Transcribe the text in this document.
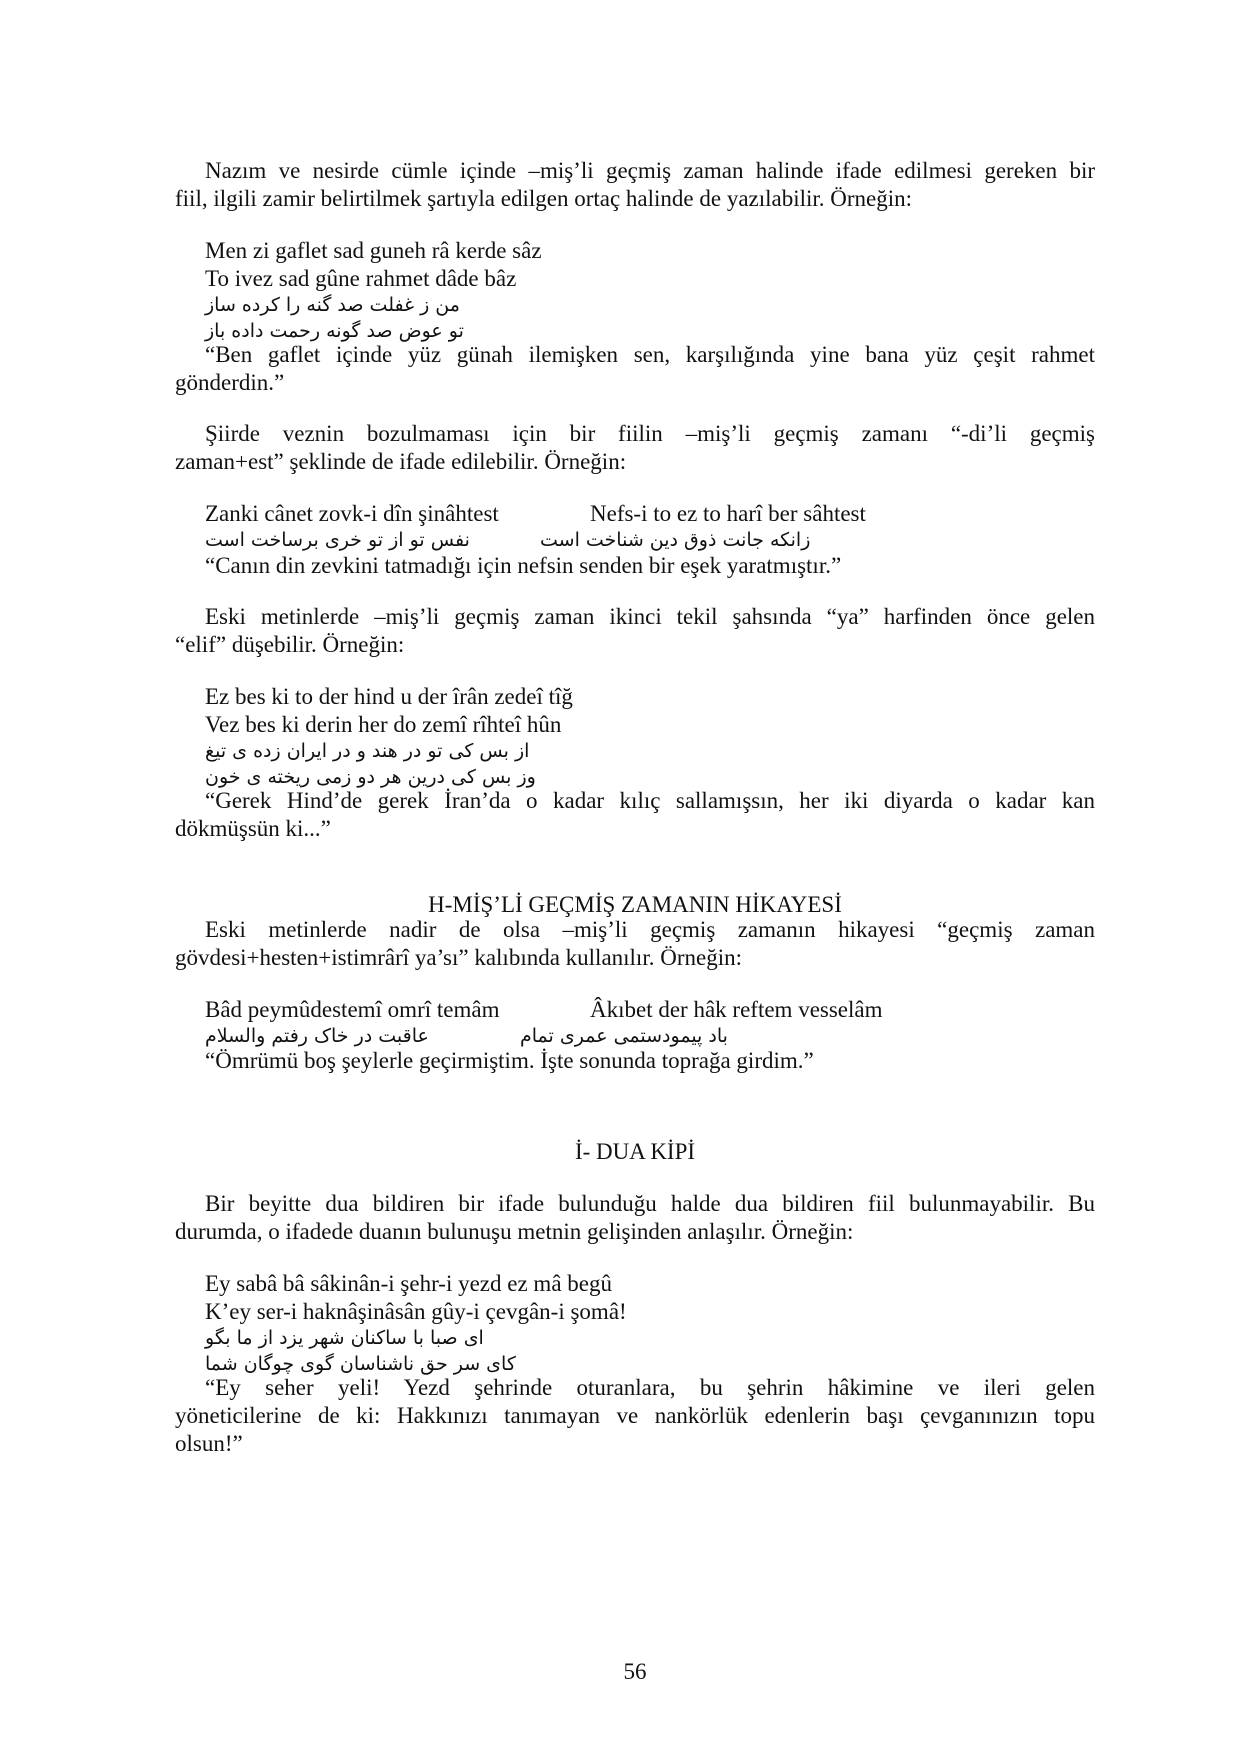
Nazım ve nesirde cümle içinde –miş’li geçmiş zaman halinde ifade edilmesi gereken bir
fiil, ilgili zamir belirtilmek şartıyla edilgen ortaç halinde de yazılabilir. Örneğin:
Men zi gaflet sad guneh râ kerde sâz
To ivez sad gûne rahmet dâde bâz
من ز غفلت صد گنه را کرده ساز
تو عوض صد گونه رحمت داده باز
“Ben gaflet içinde yüz günah ilemişken sen, karşılığında yine bana yüz çeşit rahmet
gönderdin.”
Şiirde veznin bozulmaması için bir fiilin –miş’li geçmiş zamanı “-di’li geçmiş
zaman+est” şeklinde de ifade edilebilir. Örneğin:
Zanki cânet zovk-i dîn şinâhtest	Nefs-i to ez to harî ber sâhtest
زانکه جانت ذوق دین شناخت است
نفس تو از تو خری برساخت است
“Canın din zevkini tatmadığı için nefsin senden bir eşek yaratmıştır.”
Eski metinlerde –miş’li geçmiş zaman ikinci tekil şahsında “ya” harfinden önce gelen
“elif” düşebilir. Örneğin:
Ez bes ki to der hind u der îrân zedeî tîğ
Vez bes ki derin her do zemî rîhteî hûn
از بس کی تو در هند و در ایران زده ی تیغ
وز بس کی درین هر دو زمی ریخته ی خون
“Gerek Hind’de gerek İran’da o kadar kılıç sallamışsın, her iki diyarda o kadar kan
dökmüşsün ki...”
H-MİŞ’Lİ GEÇMİŞ ZAMANIN HİKAYESİ
Eski metinlerde nadir de olsa –miş’li geçmiş zamanın hikayesi “geçmiş zaman
gövdesi+hesten+istimrârî ya’sı” kalıbında kullanılır. Örneğin:
Bâd peymûdestemî omrî temâm	Âkıbet der hâk reftem vesselâm
باد پیمودستمی عمری تمام
عاقبت در خاک رفتم والسلام
“Ömrümü boş şeylerle geçirmiştim. İşte sonunda toprağa girdim.”
İ- DUA KİPİ
Bir beyitte dua bildiren bir ifade bulunduğu halde dua bildiren fiil bulunmayabilir. Bu
durumda, o ifadede duanın bulunuşu metnin gelişinden anlaşılır. Örneğin:
Ey sabâ bâ sâkinân-i şehr-i yezd ez mâ begû
K’ey ser-i haknâşinâsân gûy-i çevgân-i şomâ!
ای صبا با ساکنان شهر یزد از ما بگو
کای سر حق ناشناسان گوی چوگان شما
“Ey seher yeli! Yezd şehrinde oturanlara, bu şehrin hâkimine ve ileri gelen
yöneticilerine de ki: Hakkınızı tanımayan ve nankörlük edenlerin başı çevganınızın topu
olsun!”
56
